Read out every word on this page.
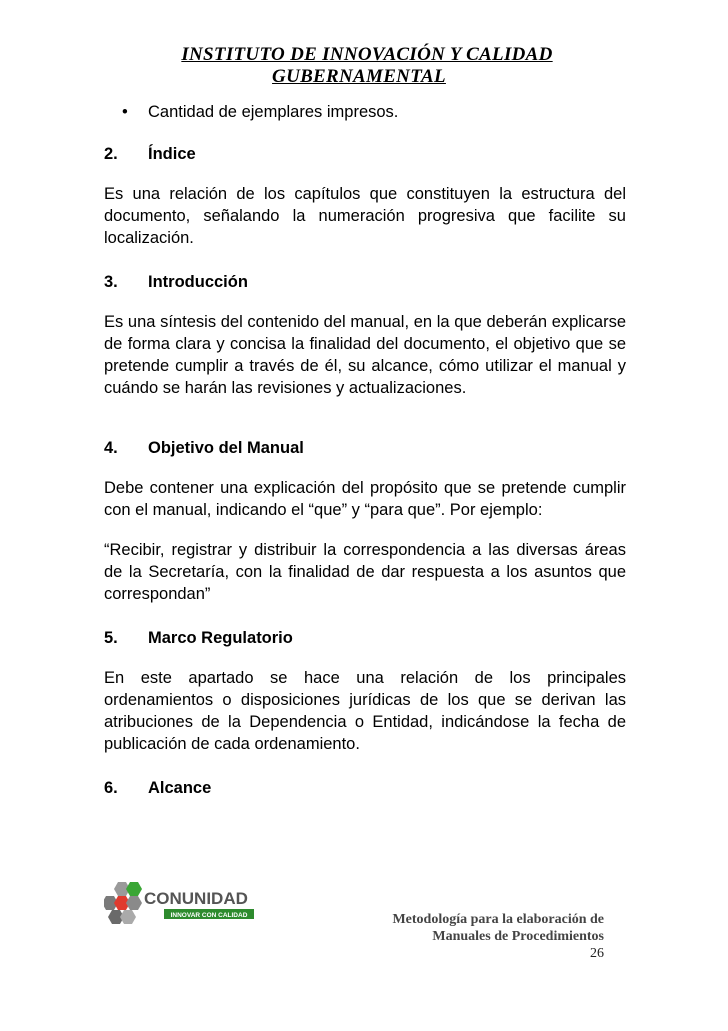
INSTITUTO DE INNOVACIÓN Y CALIDAD
GUBERNAMENTAL
•	Cantidad de ejemplares impresos.
2.	Índice

Es una relación de los capítulos que constituyen la estructura del documento, señalando la numeración progresiva que facilite su localización.

3.	Introducción

Es una síntesis del contenido del manual, en la que deberán explicarse de forma clara y concisa la finalidad del documento, el objetivo que se pretende cumplir a través de él, su alcance, cómo utilizar el manual y cuándo se harán las revisiones y actualizaciones.

4.	Objetivo del Manual

Debe contener una explicación del propósito que se pretende cumplir con el manual, indicando el “que” y “para que”. Por ejemplo:

“Recibir, registrar y distribuir la correspondencia a las diversas áreas de la Secretaría, con la finalidad de dar respuesta a los asuntos que correspondan”

5.	Marco Regulatorio

En este apartado se hace una relación de los principales ordenamientos o disposiciones jurídicas de los que se derivan las atribuciones de la Dependencia o Entidad, indicándose la fecha de publicación de cada ordenamiento.

6.	Alcance
CONUNIDAD
INNOVAR CON CALIDAD	Metodología para la elaboración de
Manuales de Procedimientos
26
